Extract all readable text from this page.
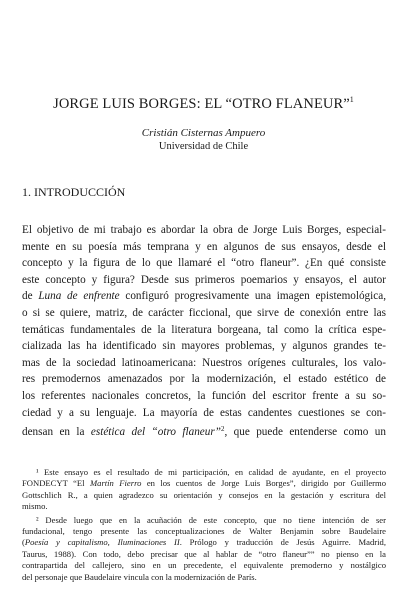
JORGE LUIS BORGES: EL “OTRO FLANEUR”$^1$
Cristián Cisternas Ampuero
Universidad de Chile
1. INTRODUCCIÓN
El objetivo de mi trabajo es abordar la obra de Jorge Luis Borges, especial-
mente en su poesía más temprana y en algunos de sus ensayos, desde el
concepto y la figura de lo que llamaré el “otro flaneur”. ¿En qué consiste
este concepto y figura? Desde sus primeros poemarios y ensayos, el autor
de Luna de enfrente configuró progresivamente una imagen epistemológica,
o si se quiere, matriz, de carácter ficcional, que sirve de conexión entre las
temáticas fundamentales de la literatura borgeana, tal como la crítica espe-
cializada las ha identificado sin mayores problemas, y algunos grandes te-
mas de la sociedad latinoamericana: Nuestros orígenes culturales, los valo-
res premodernos amenazados por la modernización, el estado estético de
los referentes nacionales concretos, la función del escritor frente a su so-
ciedad y a su lenguaje. La mayoría de estas candentes cuestiones se con-
densan en la estética del “otro flaneur”$^2$, que puede entenderse como un
¹ Este ensayo es el resultado de mi participación, en calidad de ayudante, en el proyecto
FONDECYT “El Martín Fierro en los cuentos de Jorge Luis Borges”, dirigido por Guillermo
Gottschlich R., a quien agradezco su orientación y consejos en la gestación y escritura del
mismo.
² Desde luego que en la acuñación de este concepto, que no tiene intención de ser
fundacional, tengo presente las conceptualizaciones de Walter Benjamin sobre Baudelaire
(Poesía y capitalismo, Iluminaciones II. Prólogo y traducción de Jesús Aguirre. Madrid,
Taurus, 1988). Con todo, debo precisar que al hablar de “otro flaneur”” no pienso en la
contrapartida del callejero, sino en un precedente, el equivalente premoderno y nostálgico
del personaje que Baudelaire vincula con la modernización de París.
